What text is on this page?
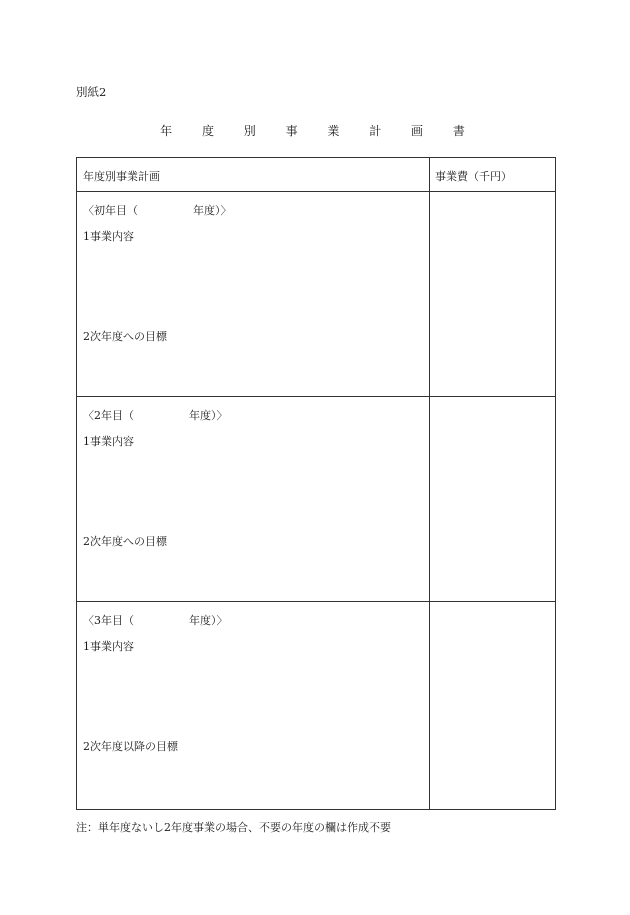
別紙2
年 度 別 事 業 計 画 書
年度別事業計画	事業費（千円）
〈初年目（　　　　　年度）〉
1事業内容
2次年度への目標
〈2年目（　　　　　年度）〉
1事業内容
2次年度への目標
〈3年目（　　　　　年度）〉
1事業内容
2次年度以降の目標
注：単年度ないし2年度事業の場合、不要の年度の欄は作成不要
